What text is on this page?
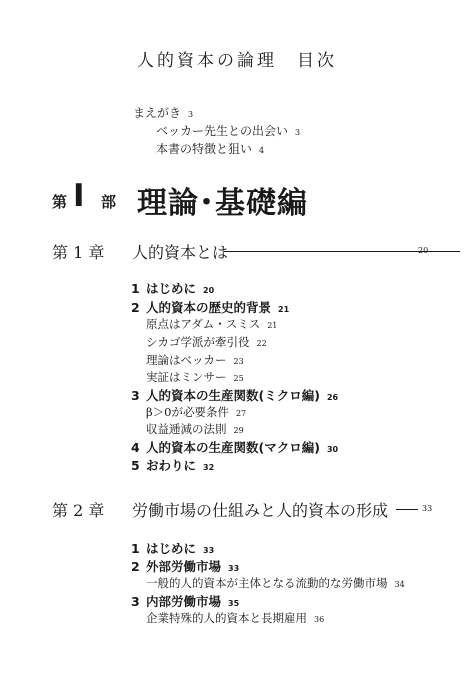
人的資本の論理　目次
まえがき 3
ベッカー先生との出会い 3
本書の特徴と狙い 4
第 I 部 理論･基礎編
第 1 章 人的資本とは	20
1 はじめに 20
2 人的資本の歴史的背景 21
原点はアダム・スミス 21
シカゴ学派が牽引役 22
理論はベッカー 23
実証はミンサー 25
3 人的資本の生産関数(ミクロ編) 26
β＞0が必要条件 27
収益逓減の法則 29
4 人的資本の生産関数(マクロ編) 30
5 おわりに 32
第 2 章 労働市場の仕組みと人的資本の形成	33
1 はじめに 33
2 外部労働市場 33
一般的人的資本が主体となる流動的な労働市場 34
3 内部労働市場 35
企業特殊的人的資本と長期雇用 36
